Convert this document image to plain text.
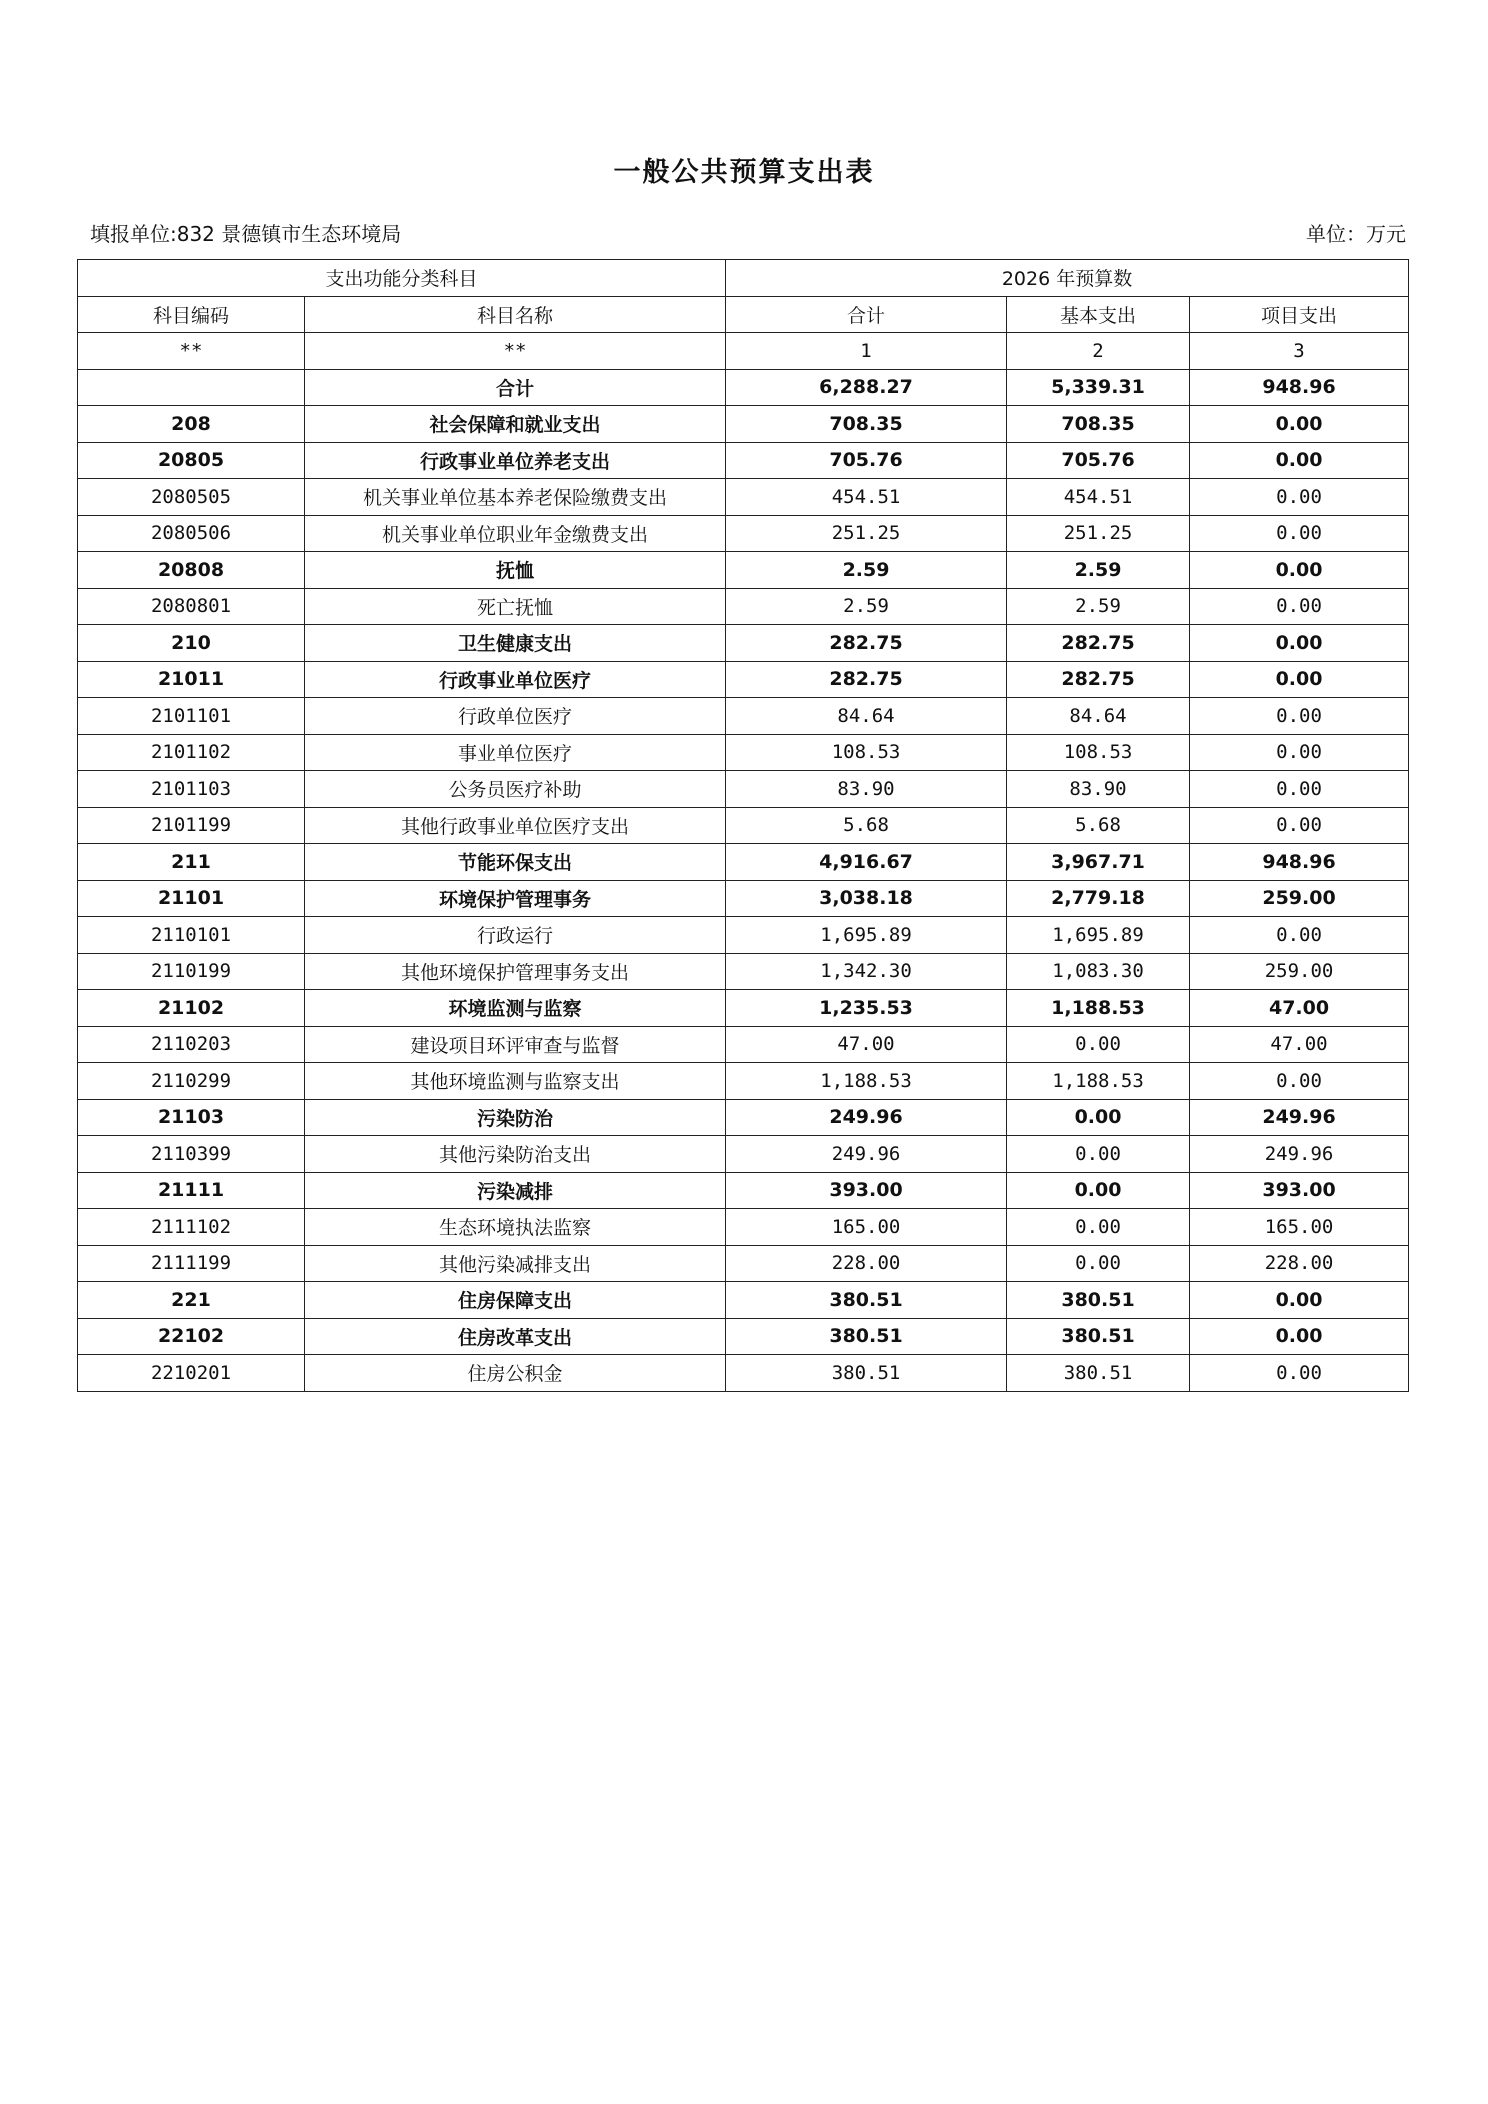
一般公共预算支出表
填报单位:832 景德镇市生态环境局	单位：万元
支出功能分类科目		2026 年预算数		
科目编码	科目名称	合计	基本支出	项目支出
**	**	1	2	3
	合计	6,288.27	5,339.31	948.96
208	社会保障和就业支出	708.35	708.35	0.00
20805	行政事业单位养老支出	705.76	705.76	0.00
2080505	机关事业单位基本养老保险缴费支出	454.51	454.51	0.00
2080506	机关事业单位职业年金缴费支出	251.25	251.25	0.00
20808	抚恤	2.59	2.59	0.00
2080801	死亡抚恤	2.59	2.59	0.00
210	卫生健康支出	282.75	282.75	0.00
21011	行政事业单位医疗	282.75	282.75	0.00
2101101	行政单位医疗	84.64	84.64	0.00
2101102	事业单位医疗	108.53	108.53	0.00
2101103	公务员医疗补助	83.90	83.90	0.00
2101199	其他行政事业单位医疗支出	5.68	5.68	0.00
211	节能环保支出	4,916.67	3,967.71	948.96
21101	环境保护管理事务	3,038.18	2,779.18	259.00
2110101	行政运行	1,695.89	1,695.89	0.00
2110199	其他环境保护管理事务支出	1,342.30	1,083.30	259.00
21102	环境监测与监察	1,235.53	1,188.53	47.00
2110203	建设项目环评审查与监督	47.00	0.00	47.00
2110299	其他环境监测与监察支出	1,188.53	1,188.53	0.00
21103	污染防治	249.96	0.00	249.96
2110399	其他污染防治支出	249.96	0.00	249.96
21111	污染减排	393.00	0.00	393.00
2111102	生态环境执法监察	165.00	0.00	165.00
2111199	其他污染减排支出	228.00	0.00	228.00
221	住房保障支出	380.51	380.51	0.00
22102	住房改革支出	380.51	380.51	0.00
2210201	住房公积金	380.51	380.51	0.00
